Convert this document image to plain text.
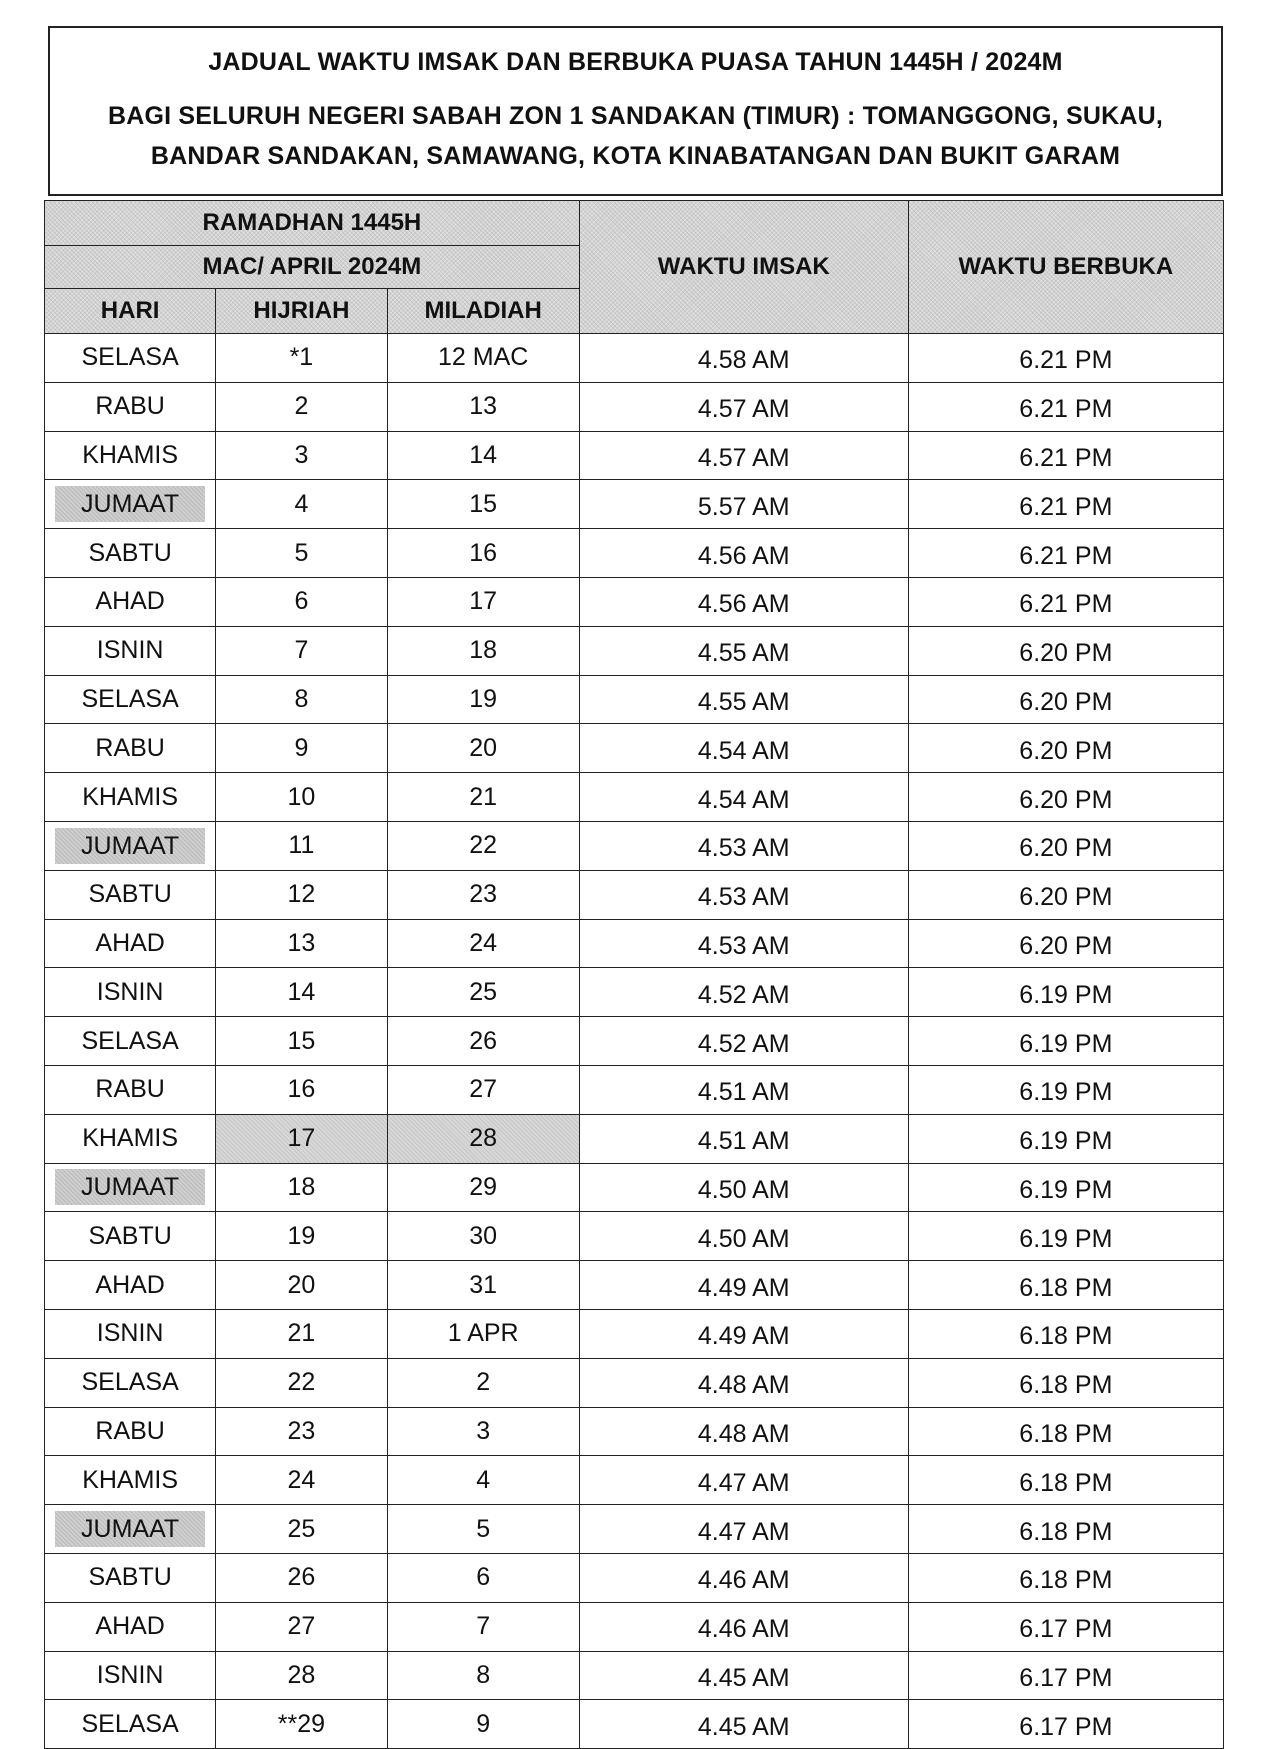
JADUAL WAKTU IMSAK DAN BERBUKA PUASA TAHUN 1445H / 2024M
BAGI SELURUH NEGERI SABAH ZON 1 SANDAKAN (TIMUR) : TOMANGGONG, SUKAU,
BANDAR SANDAKAN, SAMAWANG, KOTA KINABATANGAN DAN BUKIT GARAM
RAMADHAN 1445H			WAKTU IMSAK	WAKTU BERBUKA
MAC/ APRIL 2024M				
HARI	HIJRIAH	MILADIAH		
SELASA	*1	12 MAC	4.58 AM	6.21 PM
RABU	2	13	4.57 AM	6.21 PM
KHAMIS	3	14	4.57 AM	6.21 PM
JUMAAT	4	15	5.57 AM	6.21 PM
SABTU	5	16	4.56 AM	6.21 PM
AHAD	6	17	4.56 AM	6.21 PM
ISNIN	7	18	4.55 AM	6.20 PM
SELASA	8	19	4.55 AM	6.20 PM
RABU	9	20	4.54 AM	6.20 PM
KHAMIS	10	21	4.54 AM	6.20 PM
JUMAAT	11	22	4.53 AM	6.20 PM
SABTU	12	23	4.53 AM	6.20 PM
AHAD	13	24	4.53 AM	6.20 PM
ISNIN	14	25	4.52 AM	6.19 PM
SELASA	15	26	4.52 AM	6.19 PM
RABU	16	27	4.51 AM	6.19 PM
KHAMIS	17	28	4.51 AM	6.19 PM
JUMAAT	18	29	4.50 AM	6.19 PM
SABTU	19	30	4.50 AM	6.19 PM
AHAD	20	31	4.49 AM	6.18 PM
ISNIN	21	1 APR	4.49 AM	6.18 PM
SELASA	22	2	4.48 AM	6.18 PM
RABU	23	3	4.48 AM	6.18 PM
KHAMIS	24	4	4.47 AM	6.18 PM
JUMAAT	25	5	4.47 AM	6.18 PM
SABTU	26	6	4.46 AM	6.18 PM
AHAD	27	7	4.46 AM	6.17 PM
ISNIN	28	8	4.45 AM	6.17 PM
SELASA	**29	9	4.45 AM	6.17 PM
